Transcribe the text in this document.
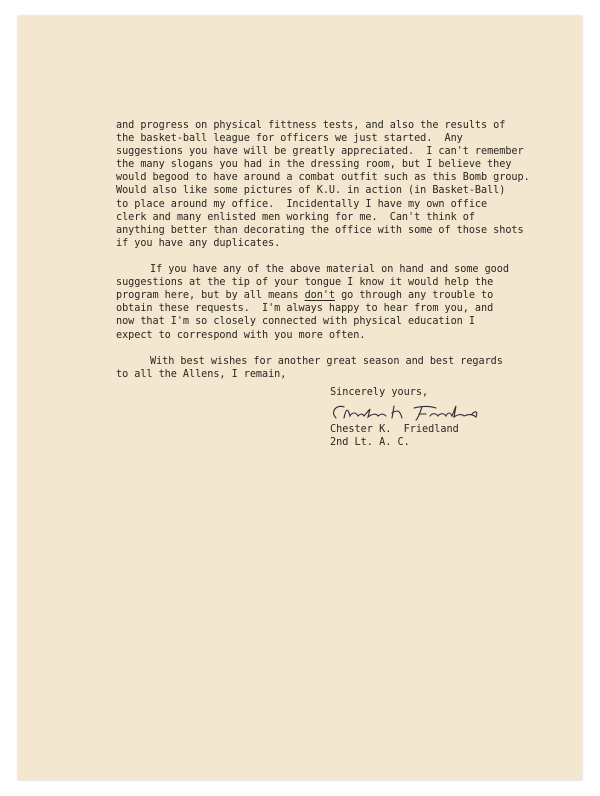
and progress on physical fittness tests, and also the results of
the basket-ball league for officers we just started.  Any
suggestions you have will be greatly appreciated.  I can't remember
the many slogans you had in the dressing room, but I believe they
would begood to have around a combat outfit such as this Bomb group.
Would also like some pictures of K.U. in action (in Basket-Ball)
to place around my office.  Incidentally I have my own office
clerk and many enlisted men working for me.  Can't think of
anything better than decorating the office with some of those shots
if you have any duplicates.
If you have any of the above material on hand and some good
suggestions at the tip of your tongue I know it would help the
program here, but by all means don't go through any trouble to
obtain these requests.  I'm always happy to hear from you, and
now that I'm so closely connected with physical education I
expect to correspond with you more often.
With best wishes for another great season and best regards
to all the Allens, I remain,
Sincerely yours,
Chester K.  Friedland
2nd Lt. A. C.
